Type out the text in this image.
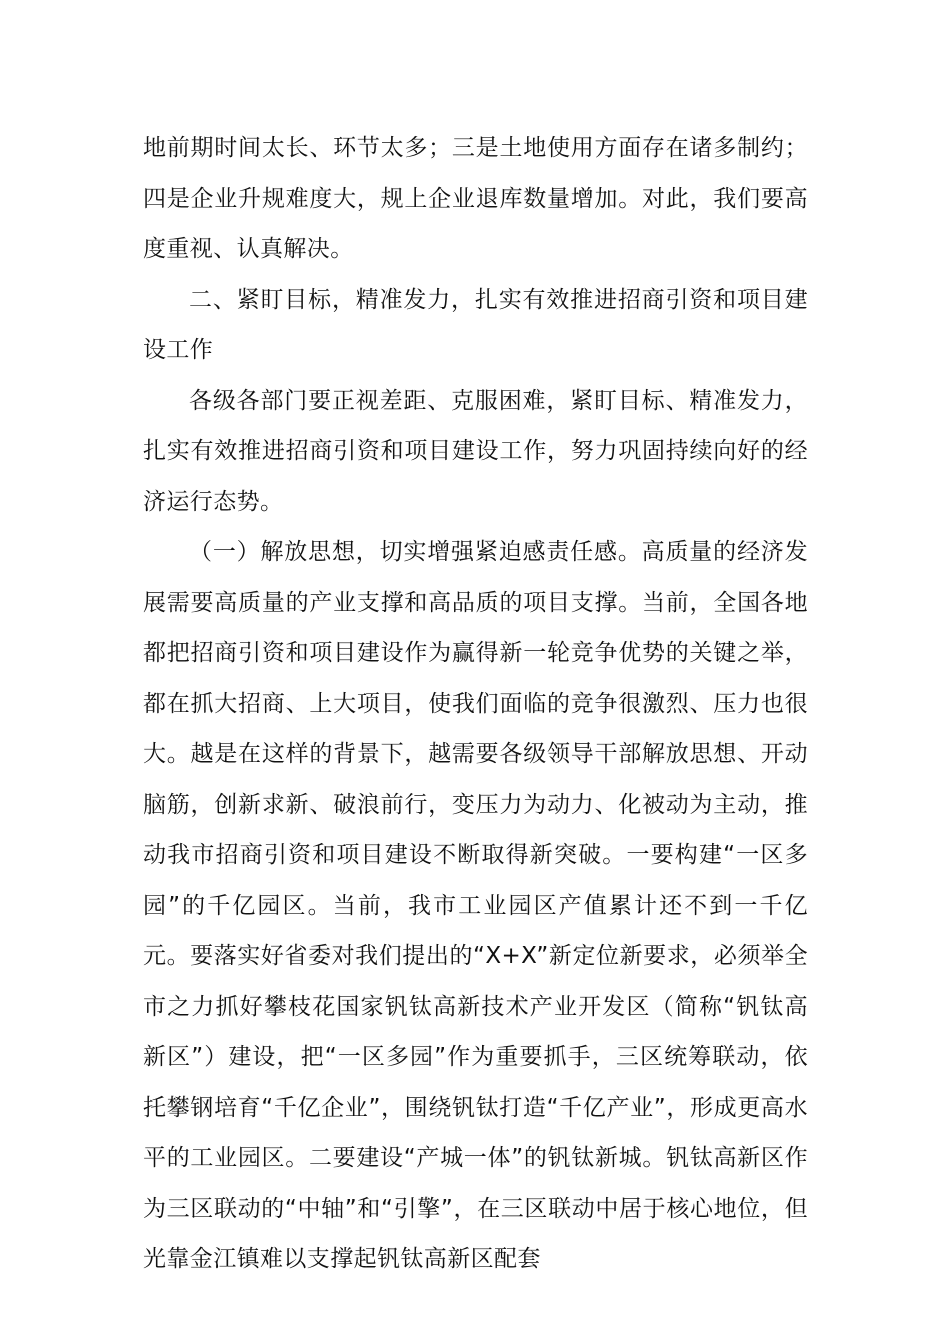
地前期时间太长、环节太多；三是土地使用方面存在诸多制约；四是企业升规难度大，规上企业退库数量增加。对此，我们要高度重视、认真解决。

二、紧盯目标，精准发力，扎实有效推进招商引资和项目建设工作

各级各部门要正视差距、克服困难，紧盯目标、精准发力，扎实有效推进招商引资和项目建设工作，努力巩固持续向好的经济运行态势。

（一）解放思想，切实增强紧迫感责任感。高质量的经济发展需要高质量的产业支撑和高品质的项目支撑。当前，全国各地都把招商引资和项目建设作为赢得新一轮竞争优势的关键之举，都在抓大招商、上大项目，使我们面临的竞争很激烈、压力也很大。越是在这样的背景下，越需要各级领导干部解放思想、开动脑筋，创新求新、破浪前行，变压力为动力、化被动为主动，推动我市招商引资和项目建设不断取得新突破。一要构建“一区多园”的千亿园区。当前，我市工业园区产值累计还不到一千亿元。要落实好省委对我们提出的“X+X”新定位新要求，必须举全市之力抓好攀枝花国家钒钛高新技术产业开发区（简称“钒钛高新区”）建设，把“一区多园”作为重要抓手，三区统筹联动，依托攀钢培育“千亿企业”，围绕钒钛打造“千亿产业”，形成更高水平的工业园区。二要建设“产城一体”的钒钛新城。钒钛高新区作为三区联动的“中轴”和“引擎”，在三区联动中居于核心地位，但光靠金江镇难以支撑起钒钛高新区配套
